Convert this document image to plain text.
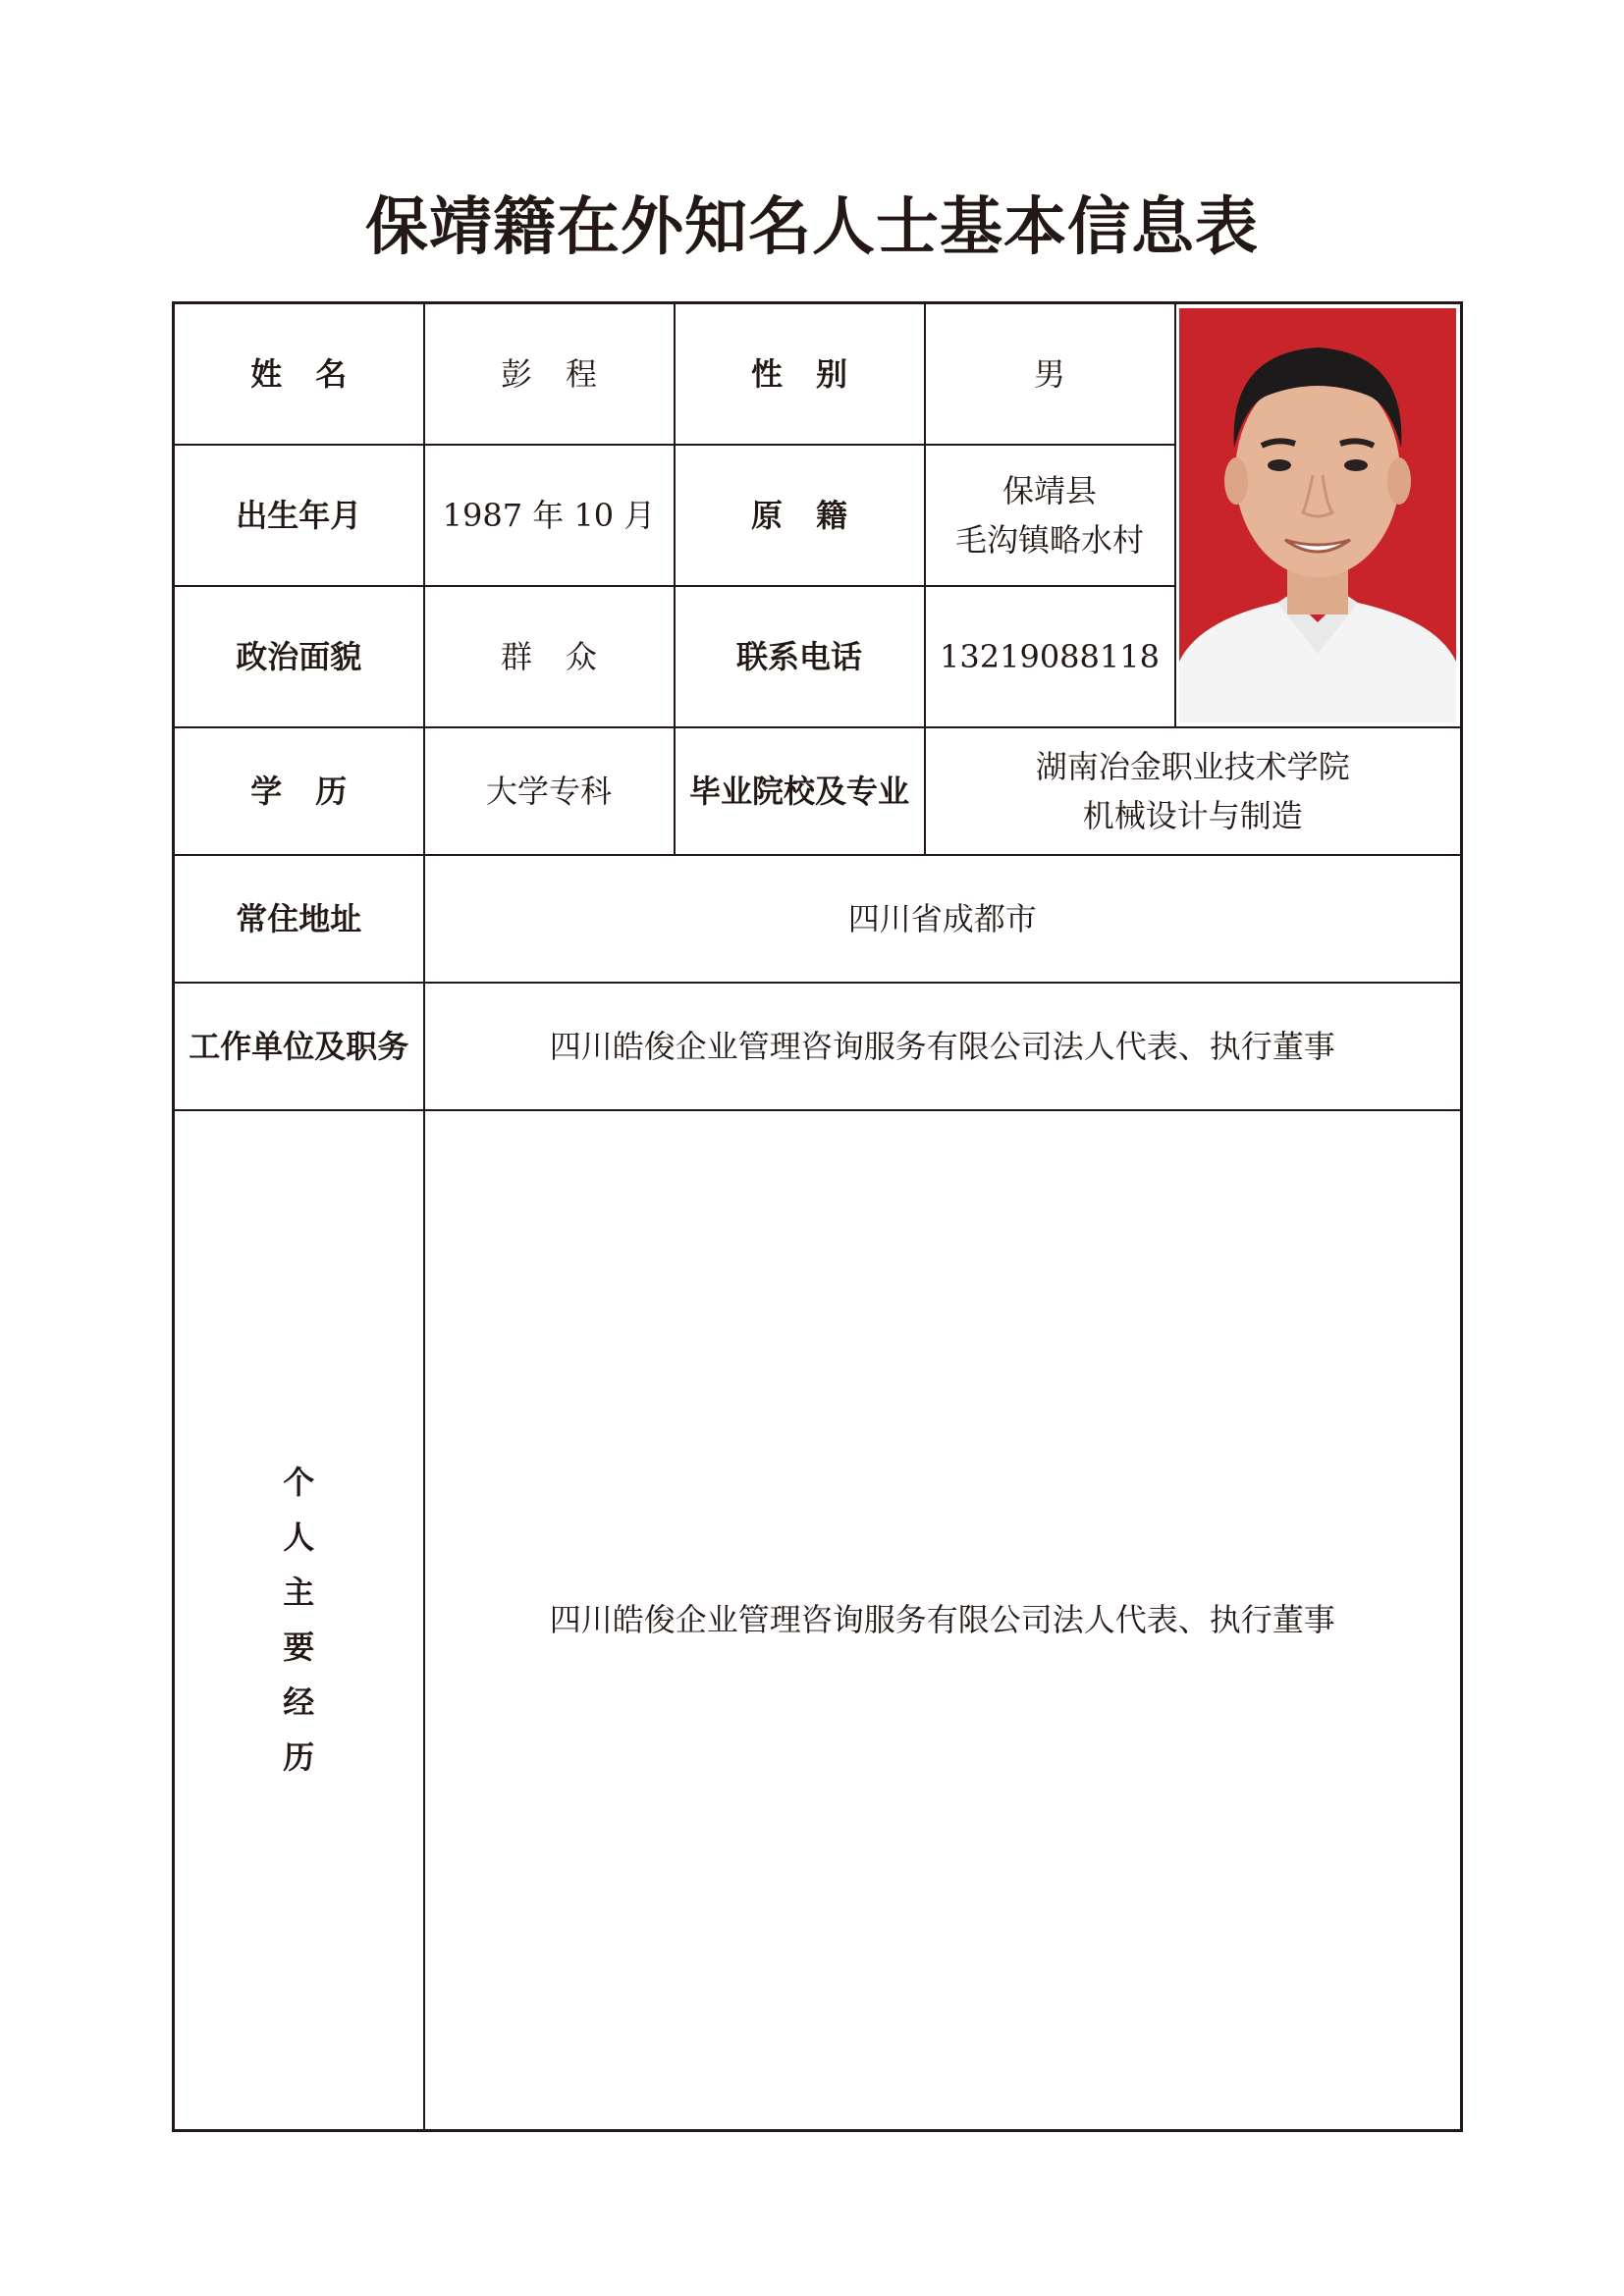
保靖籍在外知名人士基本信息表
姓名	彭程	性别	男	

出生年月	1987 年 10 月	原籍	保靖县
毛沟镇略水村	

政治面貌	群众	联系电话	13219088118	
学历	大学专科	毕业院校及专业	湖南冶金职业技术学院
机械设计与制造	

常住地址	四川省成都市			
工作单位及职务	四川皓俊企业管理咨询服务有限公司法人代表、执行董事			
个人主要经历	四川皓俊企业管理咨询服务有限公司法人代表、执行董事			
